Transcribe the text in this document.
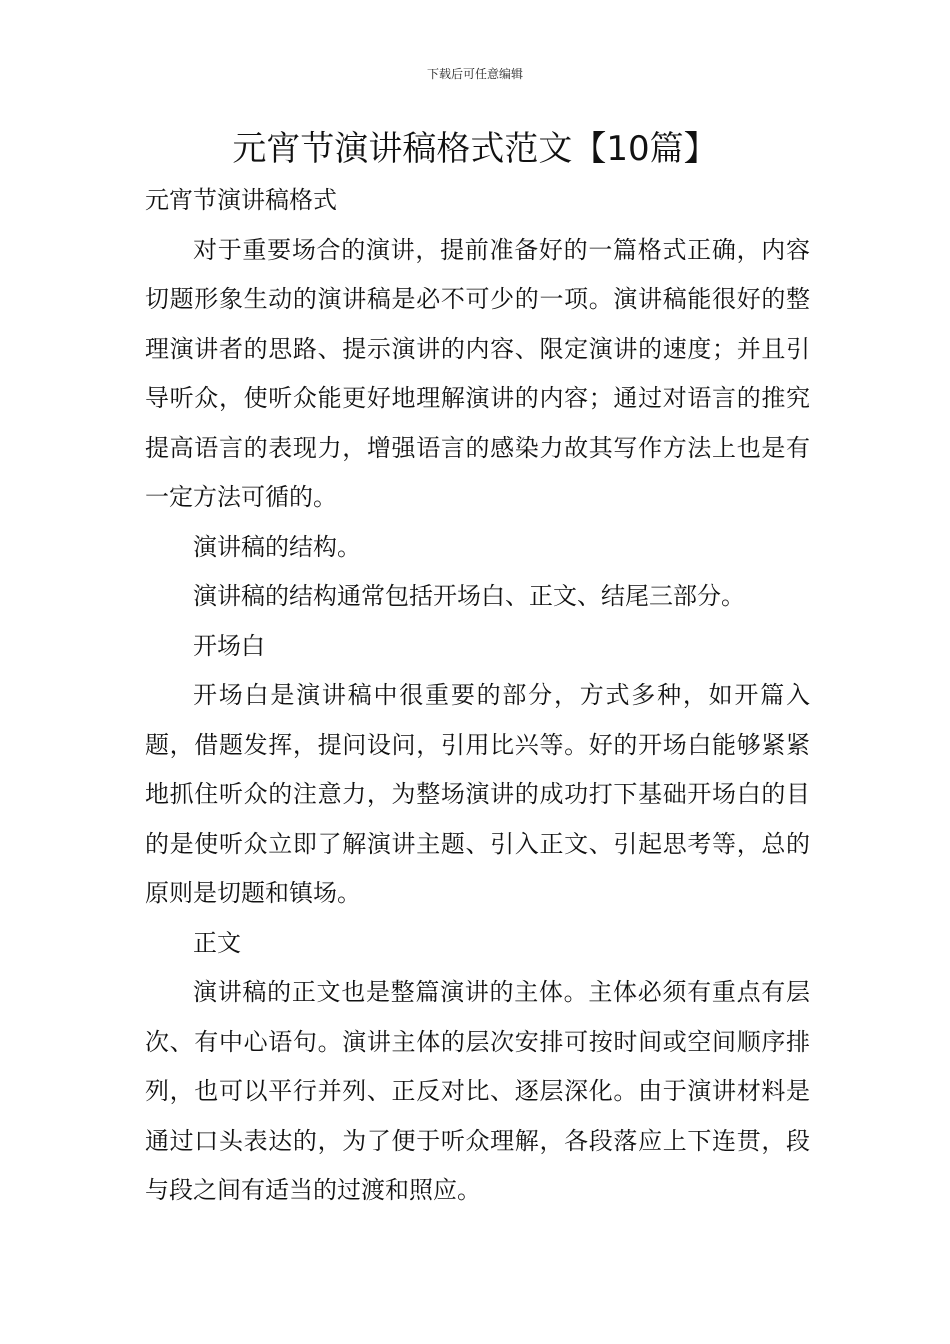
下载后可任意编辑
元宵节演讲稿格式范文【10篇】

元宵节演讲稿格式

对于重要场合的演讲，提前准备好的一篇格式正确，内容切题形象生动的演讲稿是必不可少的一项。演讲稿能很好的整理演讲者的思路、提示演讲的内容、限定演讲的速度；并且引导听众，使听众能更好地理解演讲的内容；通过对语言的推究提高语言的表现力，增强语言的感染力故其写作方法上也是有一定方法可循的。

演讲稿的结构。

演讲稿的结构通常包括开场白、正文、结尾三部分。

开场白

开场白是演讲稿中很重要的部分，方式多种，如开篇入题，借题发挥，提问设问，引用比兴等。好的开场白能够紧紧地抓住听众的注意力，为整场演讲的成功打下基础开场白的目的是使听众立即了解演讲主题、引入正文、引起思考等，总的原则是切题和镇场。

正文

演讲稿的正文也是整篇演讲的主体。主体必须有重点有层次、有中心语句。演讲主体的层次安排可按时间或空间顺序排列，也可以平行并列、正反对比、逐层深化。由于演讲材料是通过口头表达的，为了便于听众理解，各段落应上下连贯，段与段之间有适当的过渡和照应。
